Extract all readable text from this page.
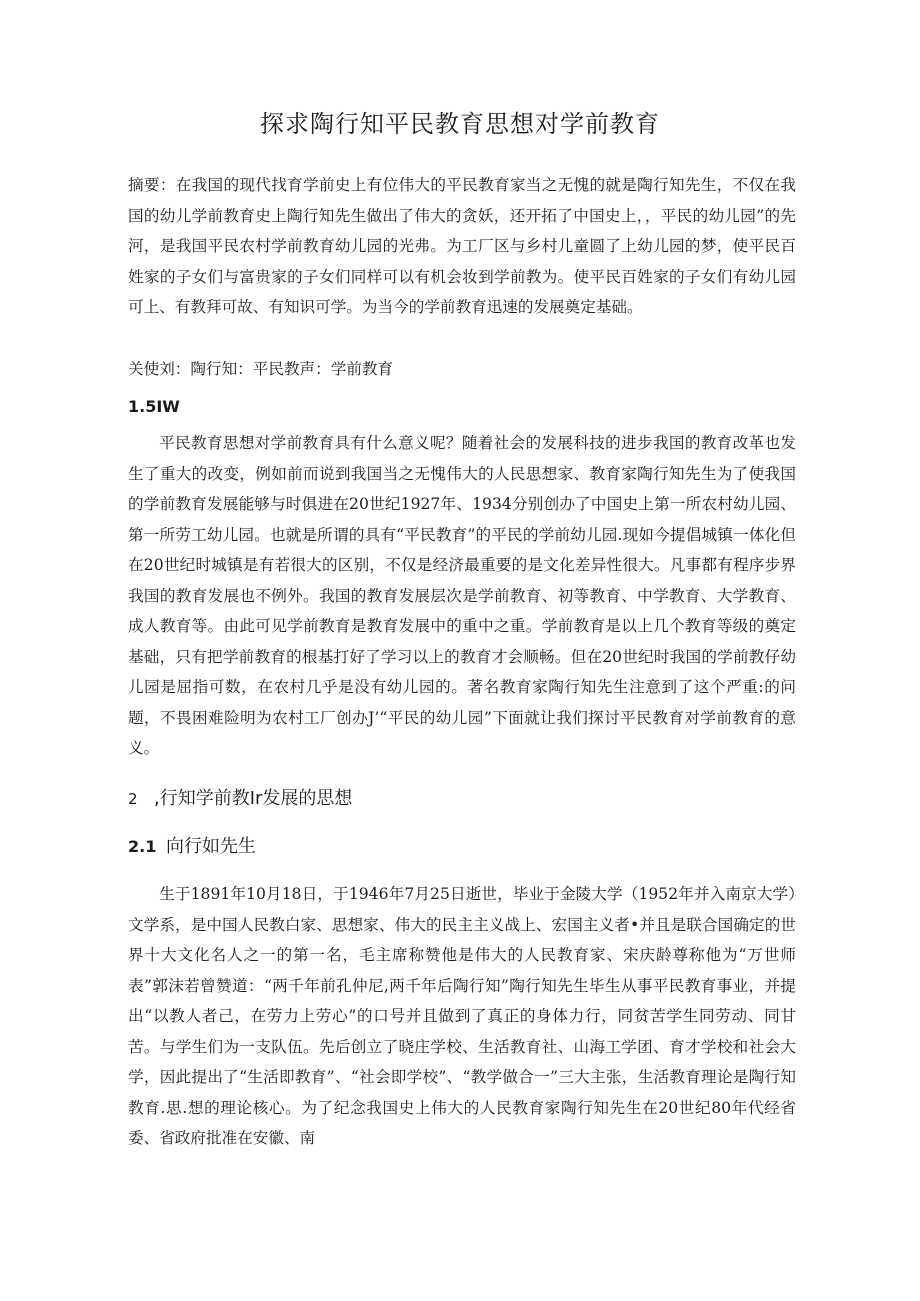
探求陶行知平民教育思想对学前教育
摘要：在我国的现代找育学前史上有位伟大的平民教育家当之无愧的就是陶行知先生，不仅在我国的幼儿学前教育史上陶行知先生做出了伟大的贪妖，还开拓了中国史上，，平民的幼儿园”的先河，是我国平民农村学前教育幼儿园的光弗。为工厂区与乡村儿童圆了上幼儿园的梦，使平民百姓家的子女们与富贵家的子女们同样可以有机会妆到学前教为。使平民百姓家的子女们有幼儿园可上、有教拜可故、有知识可学。为当今的学前教育迅速的发展奠定基础。
关使刘：陶行知：平民教声：学前教育
1.5IW
平民教育思想对学前教育具有什么意义呢？随着社会的发展科技的进步我国的教育改革也发生了重大的改变，例如前而说到我国当之无愧伟大的人民思想家、教育家陶行知先生为了使我国的学前教育发展能够与时俱进在20世纪1927年、1934分别创办了中国史上第一所农村幼儿园、第一所劳工幼儿园。也就是所谓的具有“平民教育”的平民的学前幼儿园.现如今提倡城镇一体化但在20世纪时城镇是有若很大的区别，不仅是经济最重要的是文化差异性很大。凡事都有程序步界我国的教育发展也不例外。我国的教育发展层次是学前教育、初等教育、中学教育、大学教育、成人教育等。由此可见学前教育是教育发展中的重中之重。学前教育是以上几个教育等级的奠定基础，只有把学前教育的根基打好了学习以上的教育才会顺畅。但在20世纪时我国的学前教仔幼儿园是屈指可数，在农村几乎是没有幼儿园的。著名教育家陶行知先生注意到了这个严重:的问题，不畏困难险明为农村工厂创办J’“平民的幼儿园”下面就让我们探讨平民教育对学前教育的意义。
2 ,行知学前教Ir发展的思想
2.1 向行如先生
生于1891年10月18日，于1946年7月25日逝世，毕业于金陵大学（1952年并入南京大学）文学系，是中国人民教白家、思想家、伟大的民主主义战上、宏国主义者•并且是联合国确定的世界十大文化名人之一的第一名，毛主席称赞他是伟大的人民教育家、宋庆龄尊称他为“万世师表”郭沫若曾赞道：“两千年前孔仲尼,两千年后陶行知”陶行知先生毕生从事平民教育事业，并提出“以教人者己，在劳力上劳心”的口号并且做到了真正的身体力行，同贫苦学生同劳动、同甘苦。与学生们为一支队伍。先后创立了晓庄学校、生活教育社、山海工学团、育才学校和社会大学，因此提出了“生活即教育”、“社会即学校”、“教学做合一”三大主张，生活教育理论是陶行知教育.思.想的理论核心。为了纪念我国史上伟大的人民教育家陶行知先生在20世纪80年代经省委、省政府批准在安徽、南
